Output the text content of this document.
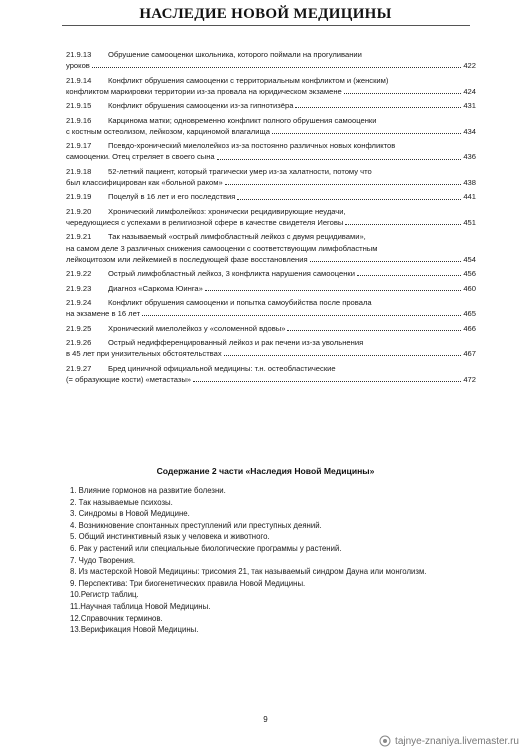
НАСЛЕДИЕ НОВОЙ МЕДИЦИНЫ
21.9.13	Обрушение самооценки школьника, которого поймали на прогуливании
уроков	422
21.9.14	Конфликт обрушения самооценки с территориальным конфликтом и (женским)
конфликтом маркировки территории из-за провала на юридическом экзамене	424
21.9.15	Конфликт обрушения самооценки из-за гипнотизёра	431
21.9.16	Карцинома матки; одновременно конфликт полного обрушения самооценки
с костным остеолизом, лейкозом, карциномой влагалища	434
21.9.17	Псевдо-хронический миелолейкоз из-за постоянно различных новых конфликтов
самооценки. Отец стреляет в своего сына	436
21.9.18	52-летний пациент, который трагически умер из-за халатности, потому что
был классифицирован как «больной раком»	438
21.9.19	Поцелуй в 16 лет и его последствия	441
21.9.20	Хронический лимфолейкоз: хронически рецидивирующие неудачи,
чередующиеся с успехами в религиозной сфере в качестве свидетеля Иеговы	451
21.9.21	Так называемый «острый лимфобластный лейкоз с двумя рецидивами»,
на самом деле 3 различных снижения самооценки с соответствующим лимфобластным
лейкоцитозом или лейкемией в последующей фазе восстановления	454
21.9.22	Острый лимфобластный лейкоз, 3 конфликта нарушения самооценки	456
21.9.23	Диагноз «Саркома Юинга»	460
21.9.24	Конфликт обрушения самооценки и попытка самоубийства после провала
на экзамене в 16 лет	465
21.9.25	Хронический миелолейкоз у «соломенной вдовы»	466
21.9.26	Острый недифференцированный лейкоз и рак печени из-за увольнения
в 45 лет при унизительных обстоятельствах	467
21.9.27	Бред циничной официальной медицины: т.н. остеобластические
(= образующие кости) «метастазы»	472
Содержание 2 части «Наследия Новой Медицины»
1. Влияние гормонов на развитие болезни.
2. Так называемые психозы.
3. Синдромы в Новой Медицине.
4. Возникновение спонтанных преступлений или преступных деяний.
5. Общий инстинктивный язык у человека и животного.
6. Рак у растений или специальные биологические программы у растений.
7. Чудо Творения.
8. Из мастерской Новой Медицины: трисомия 21, так называемый синдром Дауна или монголизм.
9. Перспектива: Три биогенетических правила Новой Медицины.
10.Регистр таблиц.
11.Научная таблица Новой Медицины.
12.Справочник терминов.
13.Верификация Новой Медицины.
9
tajnye-znaniya.livemaster.ru
